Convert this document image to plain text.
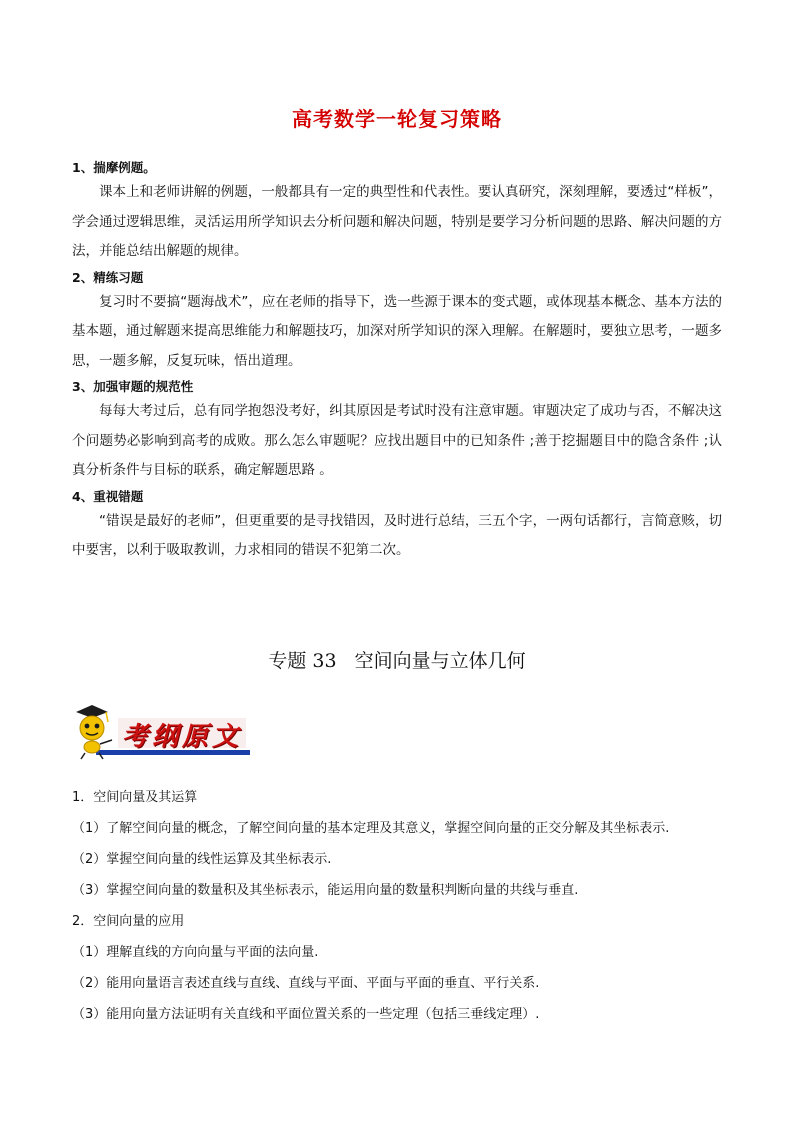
高考数学一轮复习策略

1、揣摩例题。

课本上和老师讲解的例题，一般都具有一定的典型性和代表性。要认真研究，深刻理解，要透过“样板”，学会通过逻辑思维，灵活运用所学知识去分析问题和解决问题，特别是要学习分析问题的思路、解决问题的方法，并能总结出解题的规律。

2、精练习题

复习时不要搞“题海战术”，应在老师的指导下，选一些源于课本的变式题，或体现基本概念、基本方法的基本题，通过解题来提高思维能力和解题技巧，加深对所学知识的深入理解。在解题时，要独立思考，一题多思，一题多解，反复玩味，悟出道理。

3、加强审题的规范性

每每大考过后，总有同学抱怨没考好，纠其原因是考试时没有注意审题。审题决定了成功与否，不解决这个问题势必影响到高考的成败。那么怎么审题呢？应找出题目中的已知条件 ;善于挖掘题目中的隐含条件 ;认真分析条件与目标的联系，确定解题思路 。

4、重视错题

“错误是最好的老师”，但更重要的是寻找错因，及时进行总结，三五个字，一两句话都行，言简意赅，切中要害，以利于吸取教训，力求相同的错误不犯第二次。

专题 33 空间向量与立体几何
考纲原文

1．空间向量及其运算

（1）了解空间向量的概念，了解空间向量的基本定理及其意义，掌握空间向量的正交分解及其坐标表示.

（2）掌握空间向量的线性运算及其坐标表示.

（3）掌握空间向量的数量积及其坐标表示，能运用向量的数量积判断向量的共线与垂直.

2．空间向量的应用

（1）理解直线的方向向量与平面的法向量.

（2）能用向量语言表述直线与直线、直线与平面、平面与平面的垂直、平行关系.

（3）能用向量方法证明有关直线和平面位置关系的一些定理（包括三垂线定理）.
